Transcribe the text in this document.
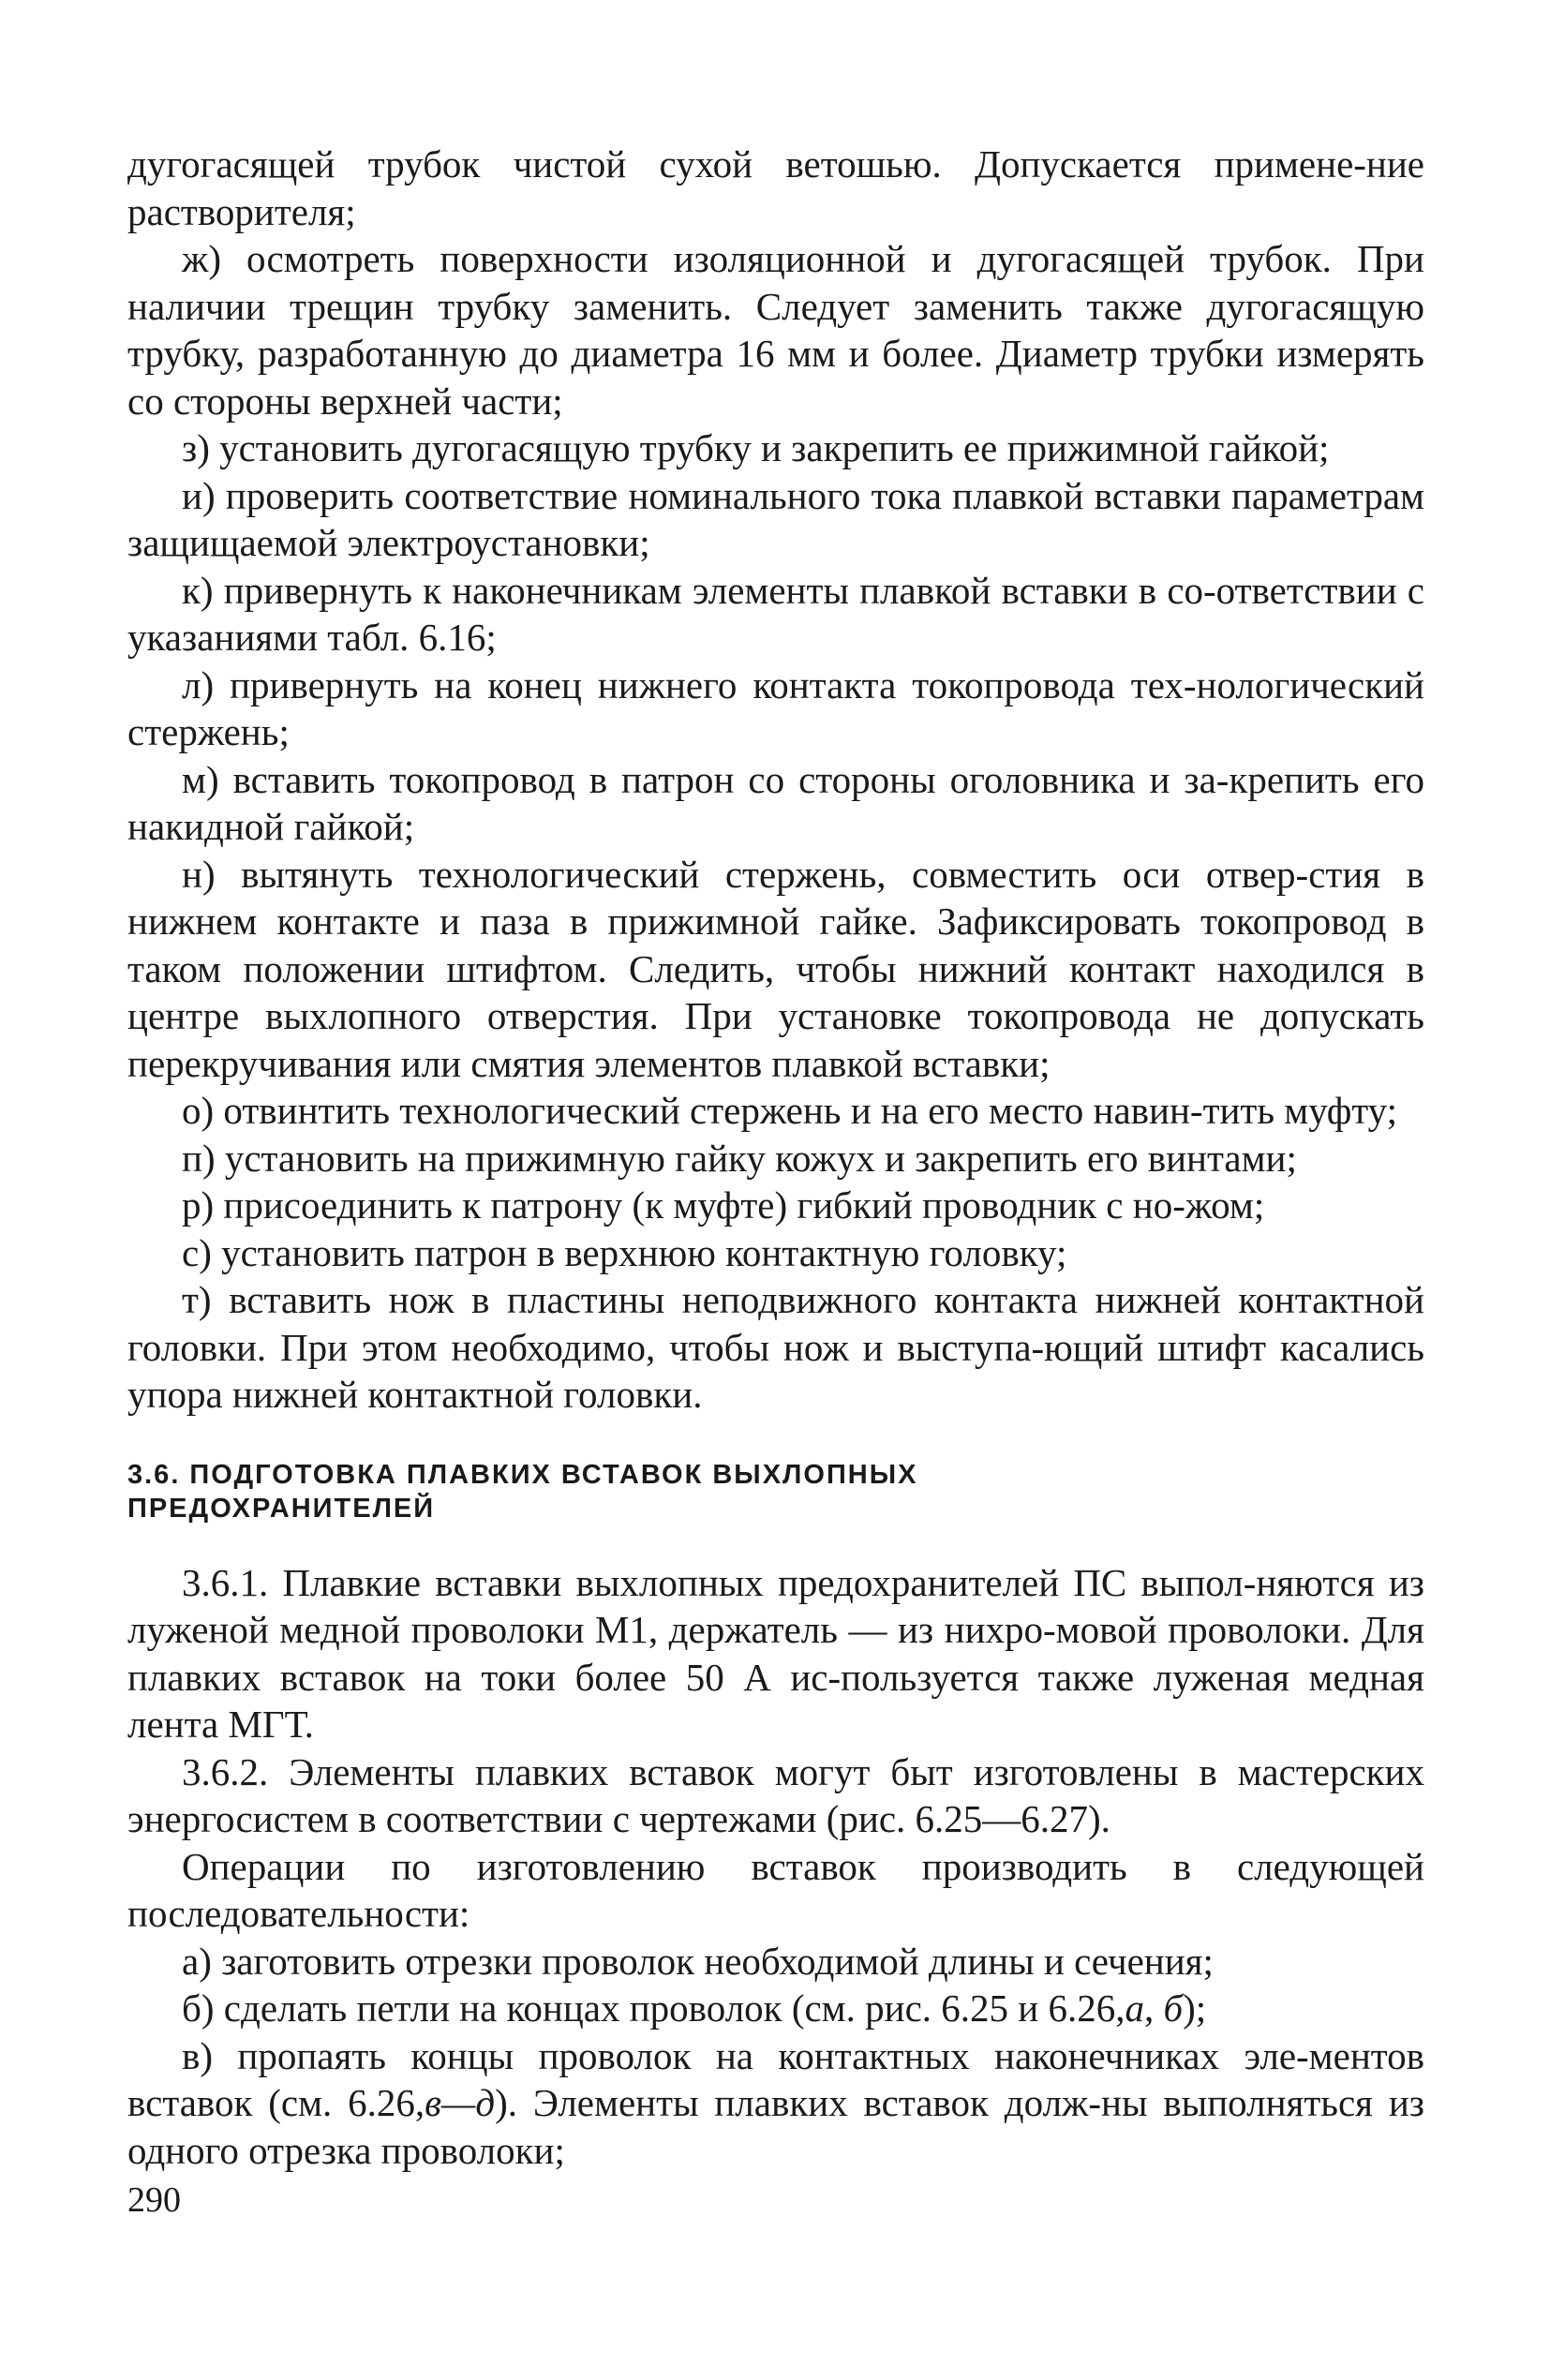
дугогасящей трубок чистой сухой ветошью. Допускается примене-ние растворителя;

ж) осмотреть поверхности изоляционной и дугогасящей трубок. При наличии трещин трубку заменить. Следует заменить также дугогасящую трубку, разработанную до диаметра 16 мм и более. Диаметр трубки измерять со стороны верхней части;

з) установить дугогасящую трубку и закрепить ее прижимной гайкой;

и) проверить соответствие номинального тока плавкой вставки параметрам защищаемой электроустановки;

к) привернуть к наконечникам элементы плавкой вставки в со-ответствии с указаниями табл. 6.16;

л) привернуть на конец нижнего контакта токопровода тех-нологический стержень;

м) вставить токопровод в патрон со стороны оголовника и за-крепить его накидной гайкой;

н) вытянуть технологический стержень, совместить оси отвер-стия в нижнем контакте и паза в прижимной гайке. Зафиксировать токопровод в таком положении штифтом. Следить, чтобы нижний контакт находился в центре выхлопного отверстия. При установке токопровода не допускать перекручивания или смятия элементов плавкой вставки;

о) отвинтить технологический стержень и на его место навин-тить муфту;

п) установить на прижимную гайку кожух и закрепить его винтами;

р) присоединить к патрону (к муфте) гибкий проводник с но-жом;

с) установить патрон в верхнюю контактную головку;

т) вставить нож в пластины неподвижного контакта нижней контактной головки. При этом необходимо, чтобы нож и выступа-ющий штифт касались упора нижней контактной головки.

3.6. ПОДГОТОВКА ПЛАВКИХ ВСТАВОК ВЫХЛОПНЫХ
ПРЕДОХРАНИТЕЛЕЙ

3.6.1. Плавкие вставки выхлопных предохранителей ПС выпол-няются из луженой медной проволоки М1, держатель — из нихро-мовой проволоки. Для плавких вставок на токи более 50 А ис-пользуется также луженая медная лента МГТ.

3.6.2. Элементы плавких вставок могут быт изготовлены в мастерских энергосистем в соответствии с чертежами (рис. 6.25—6.27).

Операции по изготовлению вставок производить в следующей последовательности:

а) заготовить отрезки проволок необходимой длины и сечения;

б) сделать петли на концах проволок (см. рис. 6.25 и 6.26,а, б);

в) пропаять концы проволок на контактных наконечниках эле-ментов вставок (см. 6.26,в—д). Элементы плавких вставок долж-ны выполняться из одного отрезка проволоки;

290
